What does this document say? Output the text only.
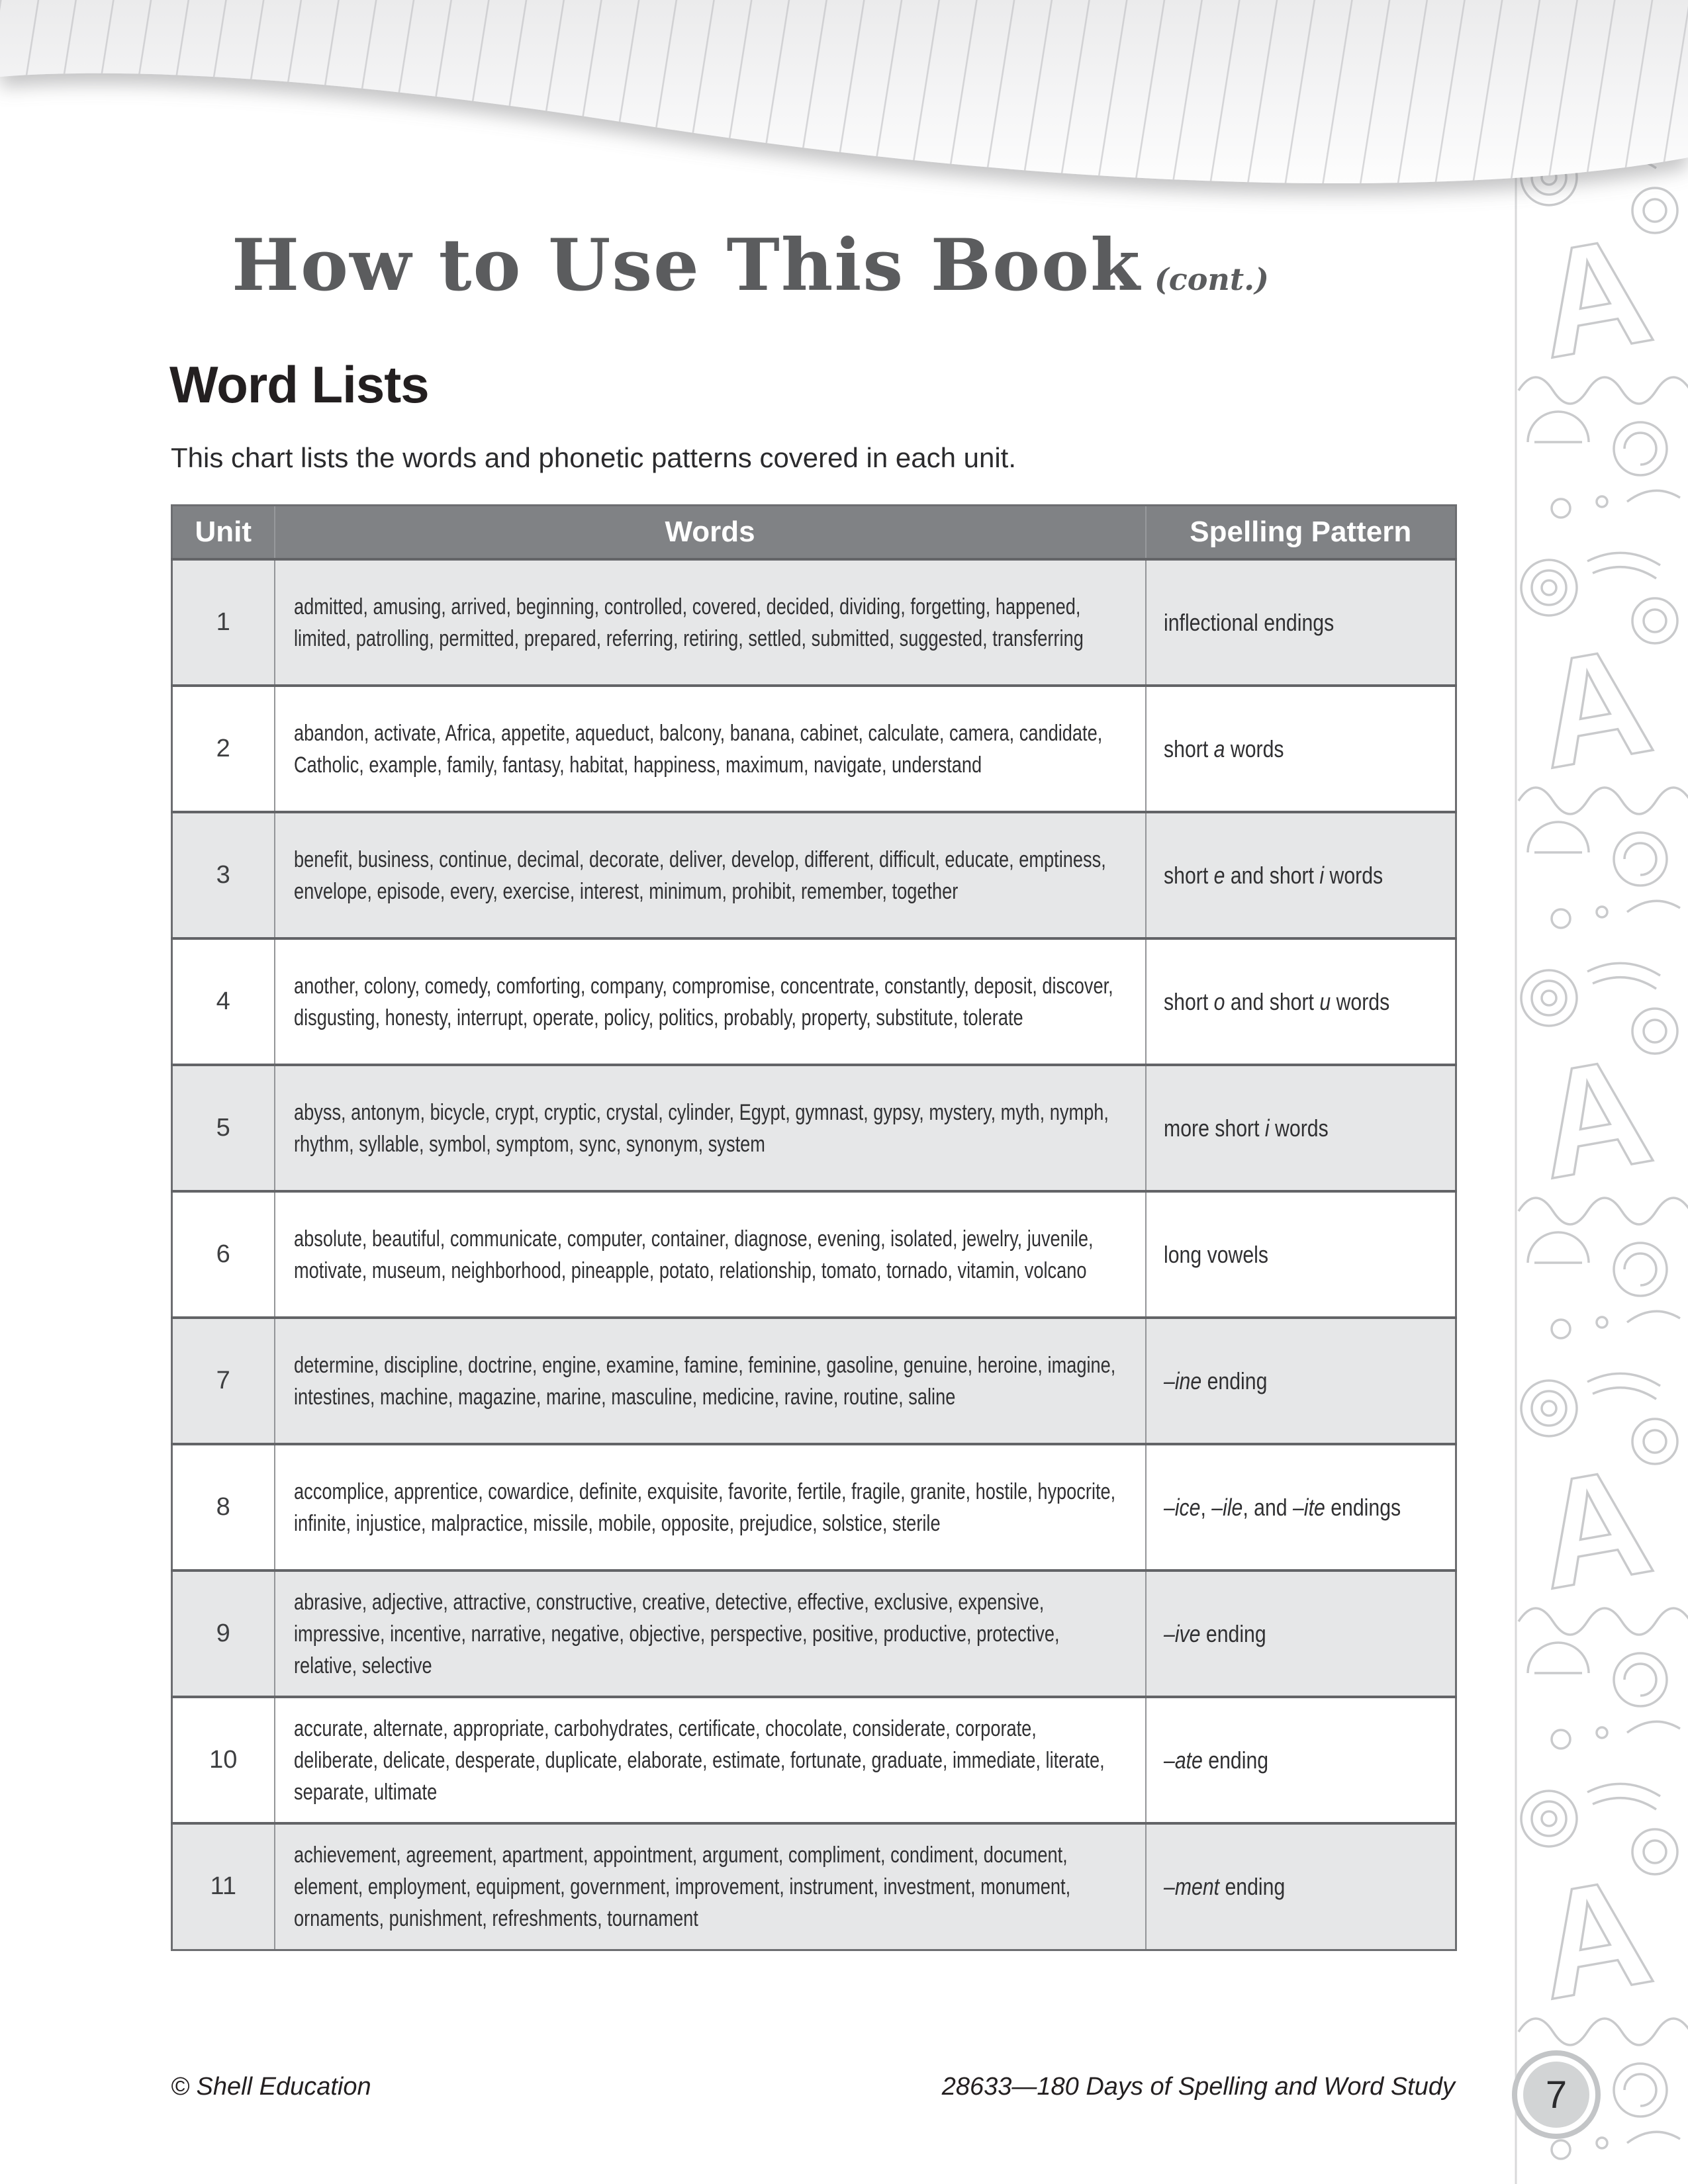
How to Use This Book (cont.)
Word Lists

This chart lists the words and phonetic patterns covered in each unit.

Unit	Words	Spelling Pattern
1	admitted, amusing, arrived, beginning, controlled, covered, decided, dividing, forgetting, happened, limited, patrolling, permitted, prepared, referring, retiring, settled, submitted, suggested, transferring	inflectional endings

2	abandon, activate, Africa, appetite, aqueduct, balcony, banana, cabinet, calculate, camera, candidate, Catholic, example, family, fantasy, habitat, happiness, maximum, navigate, understand	short a words

3	benefit, business, continue, decimal, decorate, deliver, develop, different, difficult, educate, emptiness, envelope, episode, every, exercise, interest, minimum, prohibit, remember, together	short e and short i words

4	another, colony, comedy, comforting, company, compromise, concentrate, constantly, deposit, discover, disgusting, honesty, interrupt, operate, policy, politics, probably, property, substitute, tolerate	short o and short u words

5	abyss, antonym, bicycle, crypt, cryptic, crystal, cylinder, Egypt, gymnast, gypsy, mystery, myth, nymph, rhythm, syllable, symbol, symptom, sync, synonym, system	more short i words

6	absolute, beautiful, communicate, computer, container, diagnose, evening, isolated, jewelry, juvenile, motivate, museum, neighborhood, pineapple, potato, relationship, tomato, tornado, vitamin, volcano	long vowels

7	determine, discipline, doctrine, engine, examine, famine, feminine, gasoline, genuine, heroine, imagine, intestines, machine, magazine, marine, masculine, medicine, ravine, routine, saline	–ine ending

8	accomplice, apprentice, cowardice, definite, exquisite, favorite, fertile, fragile, granite, hostile, hypocrite, infinite, injustice, malpractice, missile, mobile, opposite, prejudice, solstice, sterile	–ice, –ile, and –ite endings

9	abrasive, adjective, attractive, constructive, creative, detective, effective, exclusive, expensive, impressive, incentive, narrative, negative, objective, perspective, positive, productive, protective, relative, selective	–ive ending

10	accurate, alternate, appropriate, carbohydrates, certificate, chocolate, considerate, corporate, deliberate, delicate, desperate, duplicate, elaborate, estimate, fortunate, graduate, immediate, literate, separate, ultimate	–ate ending

11	achievement, agreement, apartment, appointment, argument, compliment, condiment, document, element, employment, equipment, government, improvement, instrument, investment, monument, ornaments, punishment, refreshments, tournament	–ment ending
© Shell Education	28633—180 Days of Spelling and Word Study	7
